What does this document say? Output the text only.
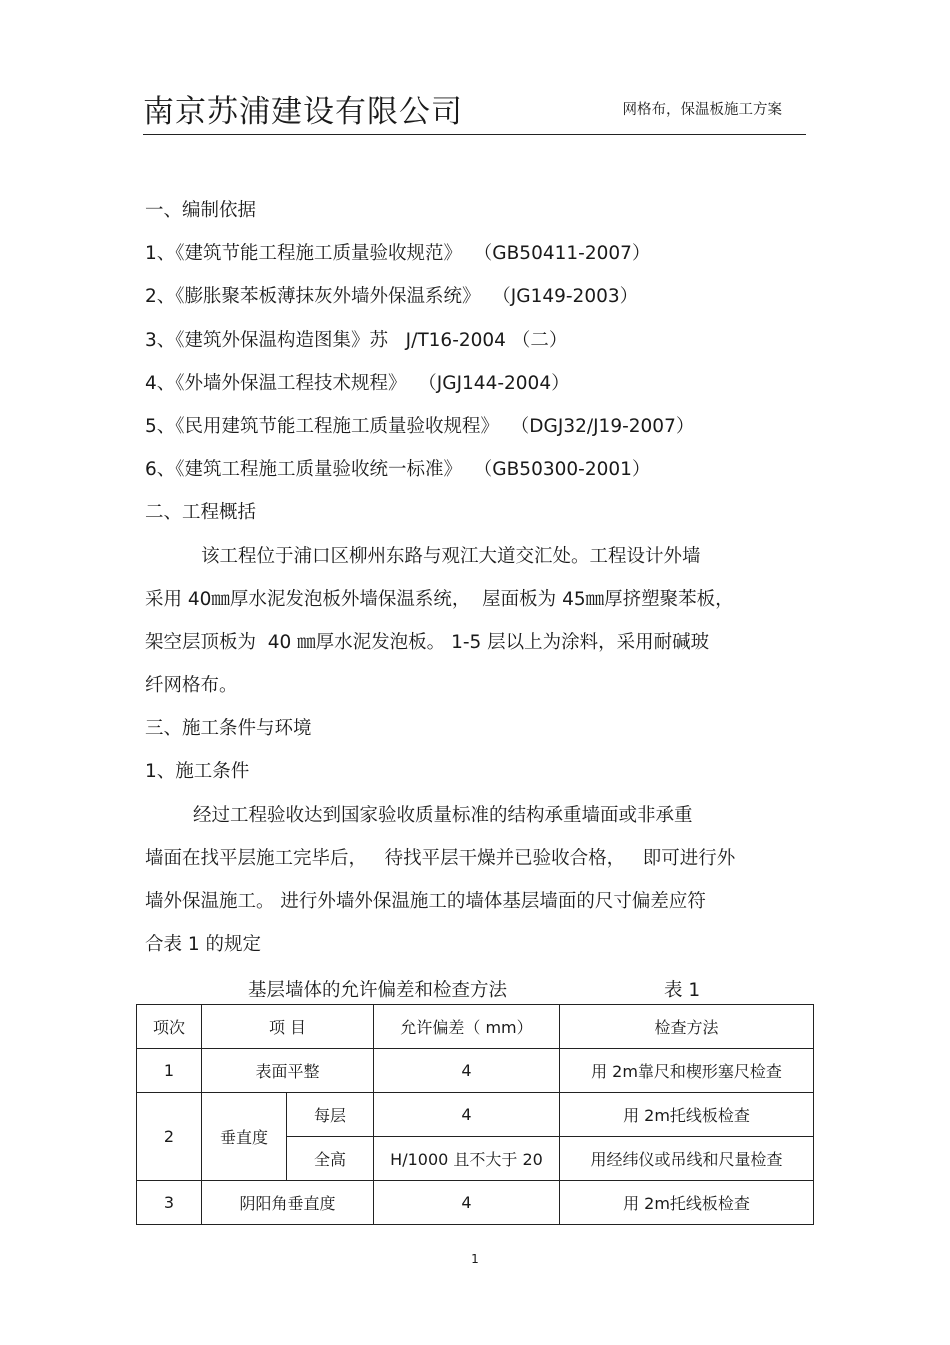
南京苏浦建设有限公司	网格布，保温板施工方案
一、编制依据
1、《建筑节能工程施工质量验收规范》  （GB50411-2007）
2、《膨胀聚苯板薄抹灰外墙外保温系统》  （JG149-2003）
3、《建筑外保温构造图集》苏   J/T16-2004 （二）
4、《外墙外保温工程技术规程》  （JGJ144-2004）
5、《民用建筑节能工程施工质量验收规程》  （DGJ32/J19-2007）
6、《建筑工程施工质量验收统一标准》  （GB50300-2001）
二、工程概括
该工程位于浦口区柳州东路与观江大道交汇处。工程设计外墙
采用 40㎜厚水泥发泡板外墙保温系统，  屋面板为 45㎜厚挤塑聚苯板，
架空层顶板为  40 ㎜厚水泥发泡板。 1-5 层以上为涂料，采用耐碱玻
纤网格布。
三、施工条件与环境
1、施工条件
经过工程验收达到国家验收质量标准的结构承重墙面或非承重
墙面在找平层施工完毕后，   待找平层干燥并已验收合格，   即可进行外
墙外保温施工。 进行外墙外保温施工的墙体基层墙面的尺寸偏差应符
合表 1 的规定

基层墙体的允许偏差和检查方法

	表 1

项次	项 目		允许偏差（ mm）	检查方法
1	表面平整		4	用 2m靠尺和楔形塞尺检查
2	垂直度	每层	4	用 2m托线板检查
		全高	H/1000 且不大于 20	用经纬仪或吊线和尺量检查
3	阴阳角垂直度		4	用 2m托线板检查
1
